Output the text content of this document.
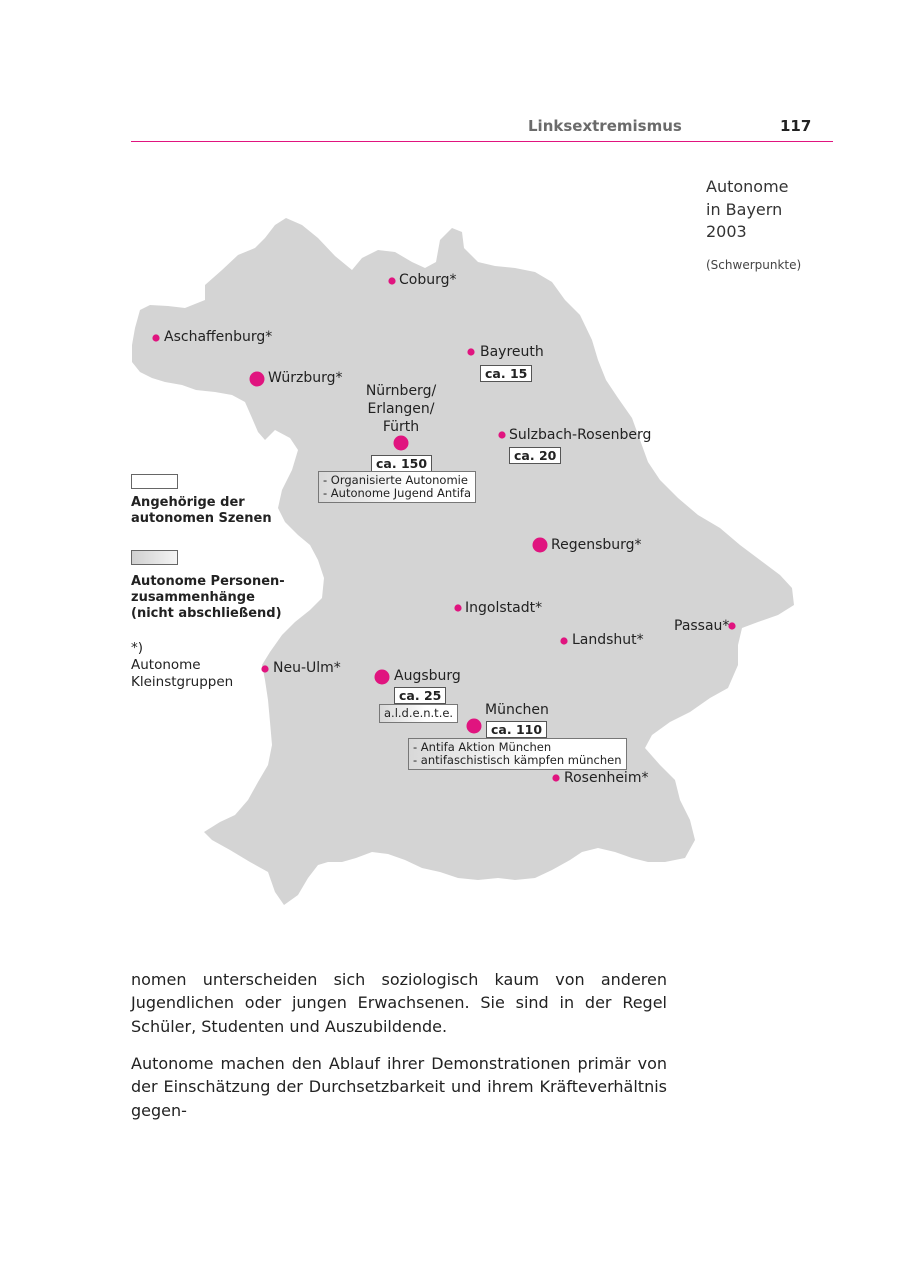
Linksextremismus	117
Autonome
in Bayern
2003
(Schwerpunkte)
Coburg*
Aschaffenburg*
Bayreuth
ca. 15
Würzburg*
Nürnberg/
Erlangen/
Fürth
ca. 150
- Organisierte Autonomie
- Autonome Jugend Antifa
Sulzbach-Rosenberg
ca. 20
Regensburg*
Ingolstadt*
Passau*
Landshut*
Neu-Ulm*	Augsburg
ca. 25
a.l.d.e.n.t.e. München
ca. 110
- Antifa Aktion München
- antifaschistisch kämpfen münchen
Rosenheim*
Angehörige der
autonomen Szenen
Autonome Personen-
zusammenhänge
(nicht abschließend)
*)
Autonome
Kleinstgruppen

nomen unterscheiden sich soziologisch kaum von anderen Jugendlichen oder jungen Erwachsenen. Sie sind in der Regel Schüler, Studenten und Auszubildende.

Autonome machen den Ablauf ihrer Demonstrationen primär von der Einschätzung der Durchsetzbarkeit und ihrem Kräfteverhältnis gegen-
